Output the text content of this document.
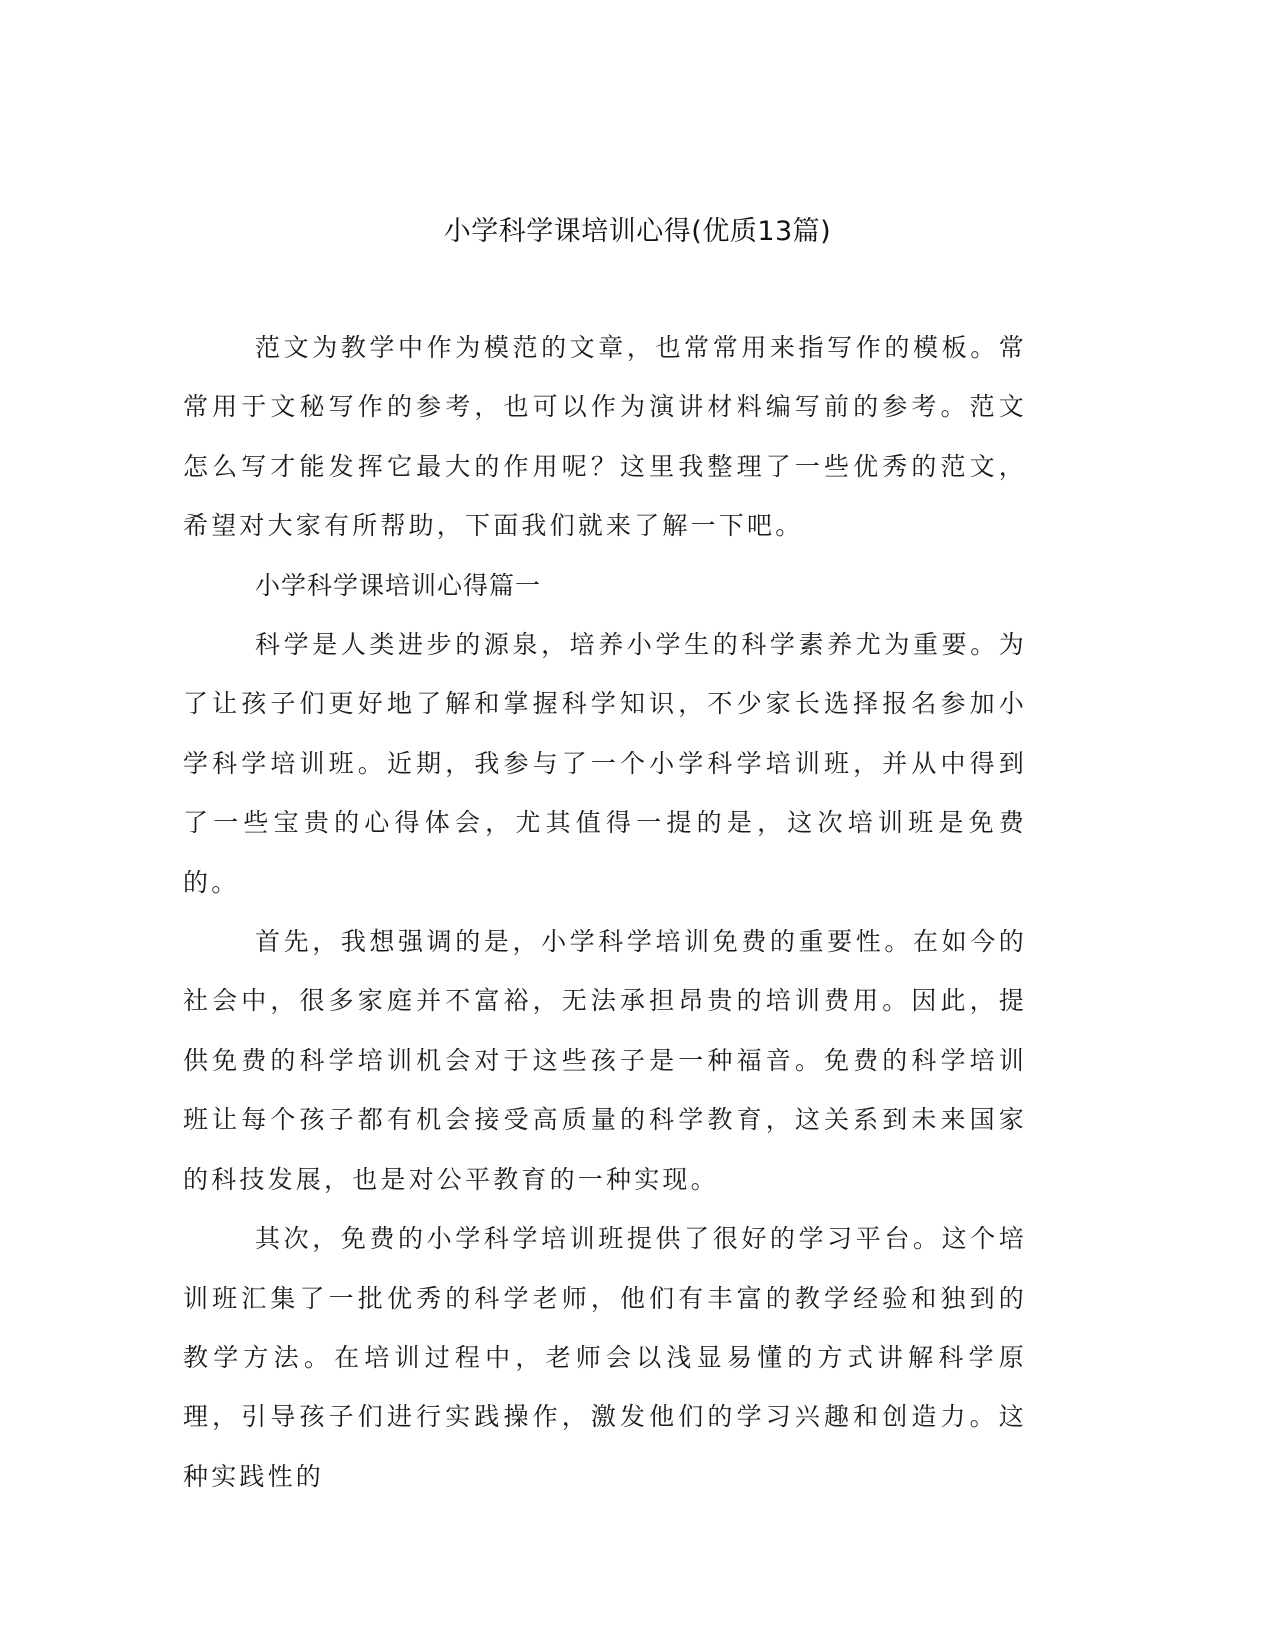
小学科学课培训心得(优质13篇)

范文为教学中作为模范的文章，也常常用来指写作的模板。常常用于文秘写作的参考，也可以作为演讲材料编写前的参考。范文怎么写才能发挥它最大的作用呢？这里我整理了一些优秀的范文，希望对大家有所帮助，下面我们就来了解一下吧。

小学科学课培训心得篇一

科学是人类进步的源泉，培养小学生的科学素养尤为重要。为了让孩子们更好地了解和掌握科学知识，不少家长选择报名参加小学科学培训班。近期，我参与了一个小学科学培训班，并从中得到了一些宝贵的心得体会，尤其值得一提的是，这次培训班是免费的。

首先，我想强调的是，小学科学培训免费的重要性。在如今的社会中，很多家庭并不富裕，无法承担昂贵的培训费用。因此，提供免费的科学培训机会对于这些孩子是一种福音。免费的科学培训班让每个孩子都有机会接受高质量的科学教育，这关系到未来国家的科技发展，也是对公平教育的一种实现。

其次，免费的小学科学培训班提供了很好的学习平台。这个培训班汇集了一批优秀的科学老师，他们有丰富的教学经验和独到的教学方法。在培训过程中，老师会以浅显易懂的方式讲解科学原理，引导孩子们进行实践操作，激发他们的学习兴趣和创造力。这种实践性的
